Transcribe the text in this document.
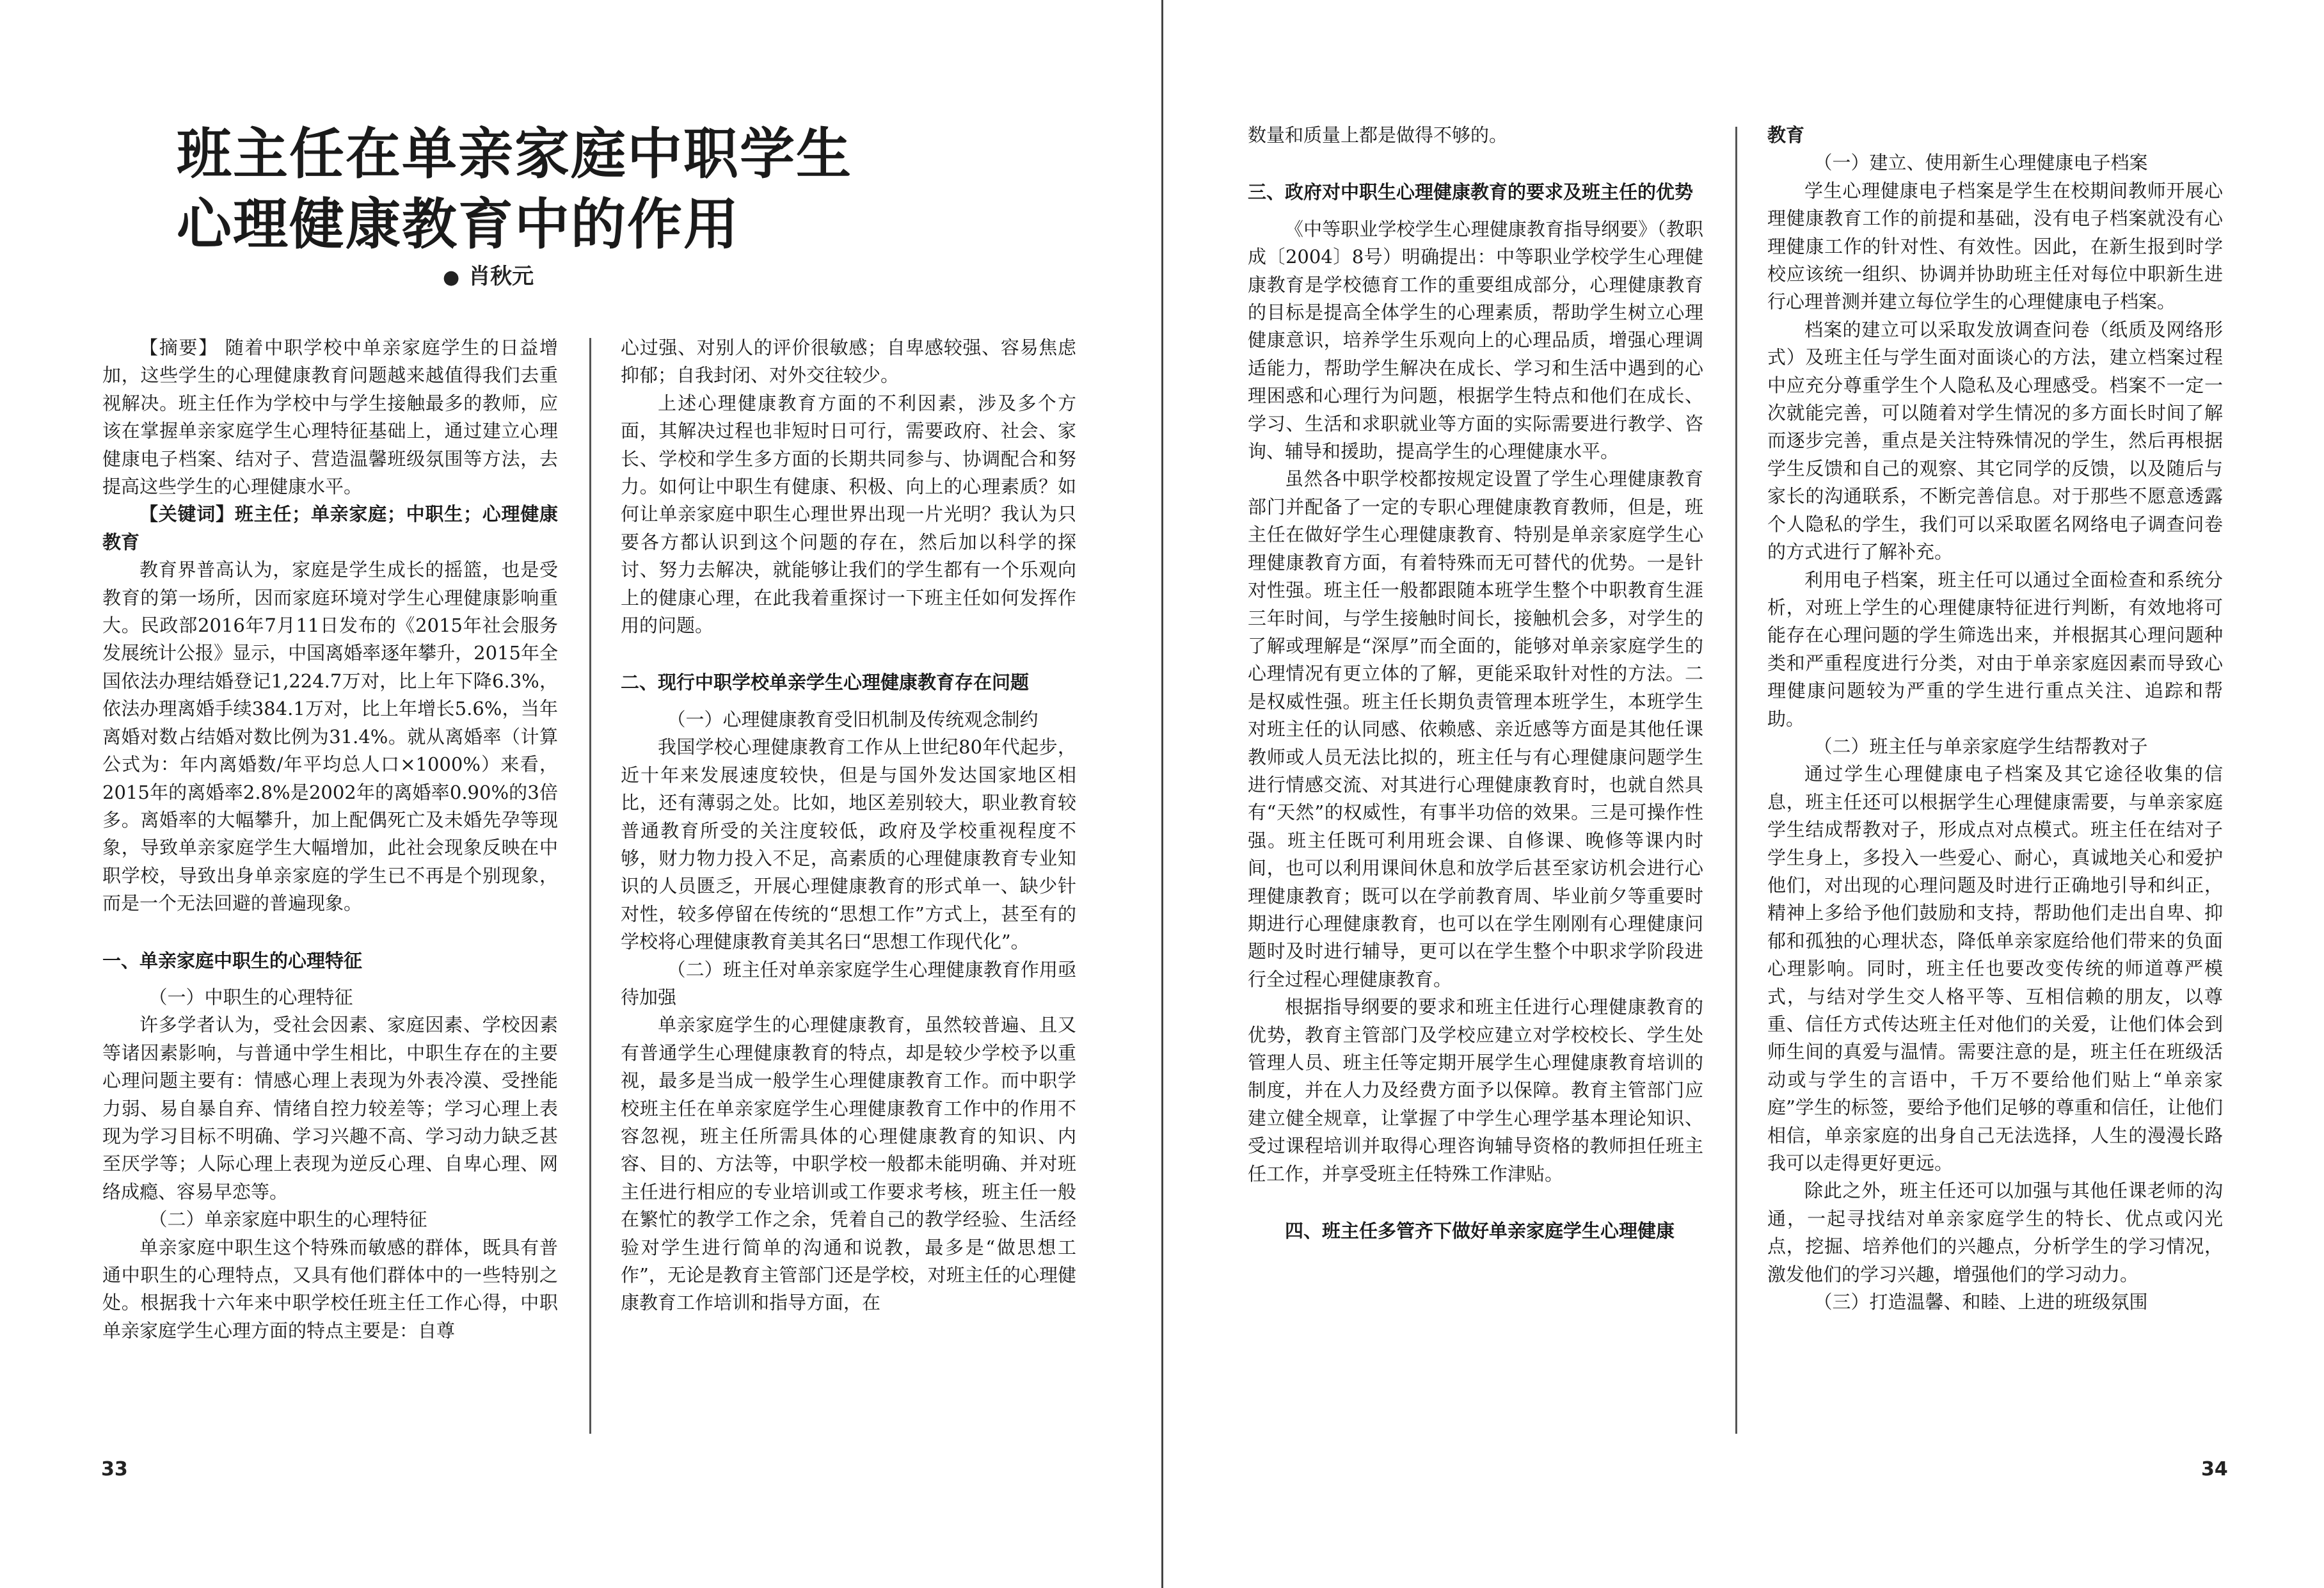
班主任在单亲家庭中职学生
心理健康教育中的作用
● 肖秋元

【摘要】 随着中职学校中单亲家庭学生的日益增加，这些学生的心理健康教育问题越来越值得我们去重视解决。班主任作为学校中与学生接触最多的教师，应该在掌握单亲家庭学生心理特征基础上，通过建立心理健康电子档案、结对子、营造温馨班级氛围等方法，去提高这些学生的心理健康水平。

【关键词】班主任；单亲家庭；中职生；心理健康教育

教育界普高认为，家庭是学生成长的摇篮，也是受教育的第一场所，因而家庭环境对学生心理健康影响重大。民政部2016年7月11日发布的《2015年社会服务发展统计公报》显示，中国离婚率逐年攀升，2015年全国依法办理结婚登记1,224.7万对，比上年下降6.3%，依法办理离婚手续384.1万对，比上年增长5.6%，当年离婚对数占结婚对数比例为31.4%。就从离婚率（计算公式为：年内离婚数/年平均总人口×1000%）来看，2015年的离婚率2.8%是2002年的离婚率0.90%的3倍多。离婚率的大幅攀升，加上配偶死亡及未婚先孕等现象，导致单亲家庭学生大幅增加，此社会现象反映在中职学校，导致出身单亲家庭的学生已不再是个别现象，而是一个无法回避的普遍现象。

一、单亲家庭中职生的心理特征

（一）中职生的心理特征

许多学者认为，受社会因素、家庭因素、学校因素等诸因素影响，与普通中学生相比，中职生存在的主要心理问题主要有：情感心理上表现为外表冷漠、受挫能力弱、易自暴自弃、情绪自控力较差等；学习心理上表现为学习目标不明确、学习兴趣不高、学习动力缺乏甚至厌学等；人际心理上表现为逆反心理、自卑心理、网络成瘾、容易早恋等。

（二）单亲家庭中职生的心理特征

单亲家庭中职生这个特殊而敏感的群体，既具有普通中职生的心理特点，又具有他们群体中的一些特别之处。根据我十六年来中职学校任班主任工作心得，中职单亲家庭学生心理方面的特点主要是：自尊

心过强、对别人的评价很敏感；自卑感较强、容易焦虑抑郁；自我封闭、对外交往较少。

上述心理健康教育方面的不利因素，涉及多个方面，其解决过程也非短时日可行，需要政府、社会、家长、学校和学生多方面的长期共同参与、协调配合和努力。如何让中职生有健康、积极、向上的心理素质？如何让单亲家庭中职生心理世界出现一片光明？我认为只要各方都认识到这个问题的存在，然后加以科学的探讨、努力去解决，就能够让我们的学生都有一个乐观向上的健康心理，在此我着重探讨一下班主任如何发挥作用的问题。

二、现行中职学校单亲学生心理健康教育存在问题

（一）心理健康教育受旧机制及传统观念制约

我国学校心理健康教育工作从上世纪80年代起步，近十年来发展速度较快，但是与国外发达国家地区相比，还有薄弱之处。比如，地区差别较大，职业教育较普通教育所受的关注度较低，政府及学校重视程度不够，财力物力投入不足，高素质的心理健康教育专业知识的人员匮乏，开展心理健康教育的形式单一、缺少针对性，较多停留在传统的“思想工作”方式上，甚至有的学校将心理健康教育美其名曰“思想工作现代化”。

（二）班主任对单亲家庭学生心理健康教育作用亟待加强

单亲家庭学生的心理健康教育，虽然较普遍、且又有普通学生心理健康教育的特点，却是较少学校予以重视，最多是当成一般学生心理健康教育工作。而中职学校班主任在单亲家庭学生心理健康教育工作中的作用不容忽视，班主任所需具体的心理健康教育的知识、内容、目的、方法等，中职学校一般都未能明确、并对班主任进行相应的专业培训或工作要求考核，班主任一般在繁忙的教学工作之余，凭着自己的教学经验、生活经验对学生进行简单的沟通和说教，最多是“做思想工作”，无论是教育主管部门还是学校，对班主任的心理健康教育工作培训和指导方面，在

数量和质量上都是做得不够的。

三、政府对中职生心理健康教育的要求及班主任的优势

《中等职业学校学生心理健康教育指导纲要》（教职成〔2004〕8号）明确提出：中等职业学校学生心理健康教育是学校德育工作的重要组成部分，心理健康教育的目标是提高全体学生的心理素质，帮助学生树立心理健康意识，培养学生乐观向上的心理品质，增强心理调适能力，帮助学生解决在成长、学习和生活中遇到的心理困惑和心理行为问题，根据学生特点和他们在成长、学习、生活和求职就业等方面的实际需要进行教学、咨询、辅导和援助，提高学生的心理健康水平。

虽然各中职学校都按规定设置了学生心理健康教育部门并配备了一定的专职心理健康教育教师，但是，班主任在做好学生心理健康教育、特别是单亲家庭学生心理健康教育方面，有着特殊而无可替代的优势。一是针对性强。班主任一般都跟随本班学生整个中职教育生涯三年时间，与学生接触时间长，接触机会多，对学生的了解或理解是“深厚”而全面的，能够对单亲家庭学生的心理情况有更立体的了解，更能采取针对性的方法。二是权威性强。班主任长期负责管理本班学生，本班学生对班主任的认同感、依赖感、亲近感等方面是其他任课教师或人员无法比拟的，班主任与有心理健康问题学生进行情感交流、对其进行心理健康教育时，也就自然具有“天然”的权威性，有事半功倍的效果。三是可操作性强。班主任既可利用班会课、自修课、晚修等课内时间，也可以利用课间休息和放学后甚至家访机会进行心理健康教育；既可以在学前教育周、毕业前夕等重要时期进行心理健康教育，也可以在学生刚刚有心理健康问题时及时进行辅导，更可以在学生整个中职求学阶段进行全过程心理健康教育。

根据指导纲要的要求和班主任进行心理健康教育的优势，教育主管部门及学校应建立对学校校长、学生处管理人员、班主任等定期开展学生心理健康教育培训的制度，并在人力及经费方面予以保障。教育主管部门应建立健全规章，让掌握了中学生心理学基本理论知识、受过课程培训并取得心理咨询辅导资格的教师担任班主任工作，并享受班主任特殊工作津贴。

四、班主任多管齐下做好单亲家庭学生心理健康

教育

（一）建立、使用新生心理健康电子档案

学生心理健康电子档案是学生在校期间教师开展心理健康教育工作的前提和基础，没有电子档案就没有心理健康工作的针对性、有效性。因此，在新生报到时学校应该统一组织、协调并协助班主任对每位中职新生进行心理普测并建立每位学生的心理健康电子档案。

档案的建立可以采取发放调查问卷（纸质及网络形式）及班主任与学生面对面谈心的方法，建立档案过程中应充分尊重学生个人隐私及心理感受。档案不一定一次就能完善，可以随着对学生情况的多方面长时间了解而逐步完善，重点是关注特殊情况的学生，然后再根据学生反馈和自己的观察、其它同学的反馈，以及随后与家长的沟通联系，不断完善信息。对于那些不愿意透露个人隐私的学生，我们可以采取匿名网络电子调查问卷的方式进行了解补充。

利用电子档案，班主任可以通过全面检查和系统分析，对班上学生的心理健康特征进行判断，有效地将可能存在心理问题的学生筛选出来，并根据其心理问题种类和严重程度进行分类，对由于单亲家庭因素而导致心理健康问题较为严重的学生进行重点关注、追踪和帮助。

（二）班主任与单亲家庭学生结帮教对子

通过学生心理健康电子档案及其它途径收集的信息，班主任还可以根据学生心理健康需要，与单亲家庭学生结成帮教对子，形成点对点模式。班主任在结对子学生身上，多投入一些爱心、耐心，真诚地关心和爱护他们，对出现的心理问题及时进行正确地引导和纠正，精神上多给予他们鼓励和支持，帮助他们走出自卑、抑郁和孤独的心理状态，降低单亲家庭给他们带来的负面心理影响。同时，班主任也要改变传统的师道尊严模式，与结对学生交人格平等、互相信赖的朋友，以尊重、信任方式传达班主任对他们的关爱，让他们体会到师生间的真爱与温情。需要注意的是，班主任在班级活动或与学生的言语中，千万不要给他们贴上“单亲家庭”学生的标签，要给予他们足够的尊重和信任，让他们相信，单亲家庭的出身自己无法选择，人生的漫漫长路我可以走得更好更远。

除此之外，班主任还可以加强与其他任课老师的沟通，一起寻找结对单亲家庭学生的特长、优点或闪光点，挖掘、培养他们的兴趣点，分析学生的学习情况，激发他们的学习兴趣，增强他们的学习动力。

（三）打造温馨、和睦、上进的班级氛围

33	34
